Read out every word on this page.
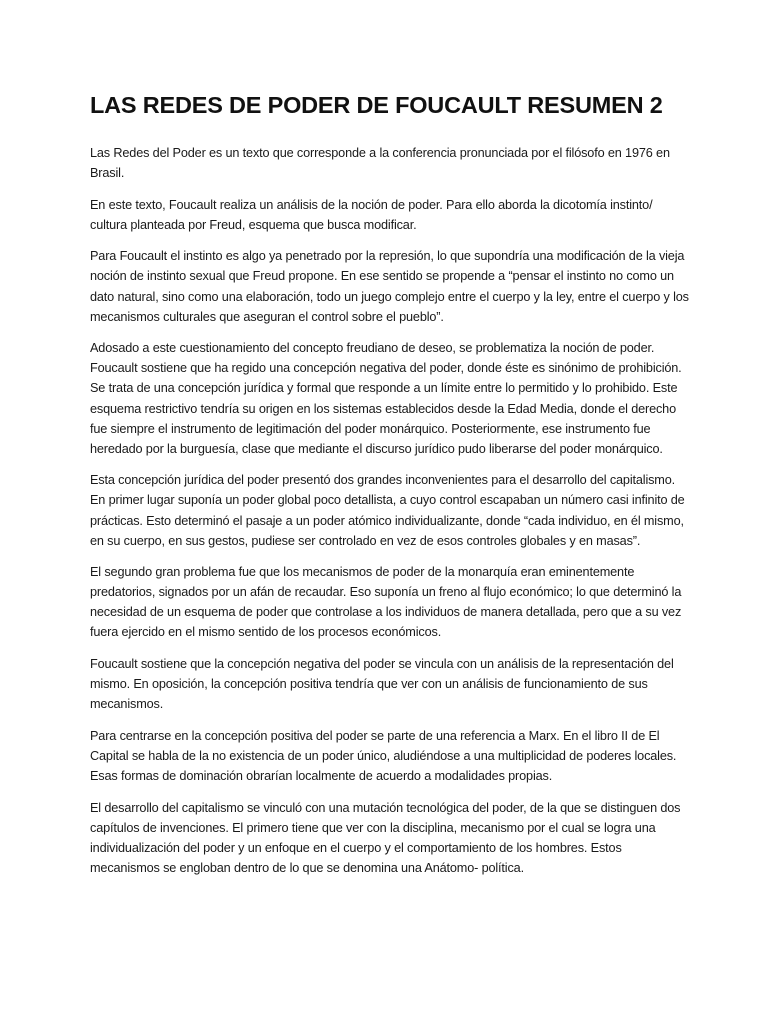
LAS REDES DE PODER DE FOUCAULT RESUMEN 2

Las Redes del Poder es un texto que corresponde a la conferencia pronunciada por el filósofo en 1976 en Brasil.

En este texto, Foucault realiza un análisis de la noción de poder. Para ello aborda la dicotomía instinto/ cultura planteada por Freud, esquema que busca modificar.

Para Foucault el instinto es algo ya penetrado por la represión, lo que supondría una modificación de la vieja noción de instinto sexual que Freud propone. En ese sentido se propende a “pensar el instinto no como un dato natural, sino como una elaboración, todo un juego complejo entre el cuerpo y la ley, entre el cuerpo y los mecanismos culturales que aseguran el control sobre el pueblo”.

Adosado a este cuestionamiento del concepto freudiano de deseo, se problematiza la noción de poder. Foucault sostiene que ha regido una concepción negativa del poder, donde éste es sinónimo de prohibición. Se trata de una concepción jurídica y formal que responde a un límite entre lo permitido y lo prohibido. Este esquema restrictivo tendría su origen en los sistemas establecidos desde la Edad Media, donde el derecho fue siempre el instrumento de legitimación del poder monárquico. Posteriormente, ese instrumento fue heredado por la burguesía, clase que mediante el discurso jurídico pudo liberarse del poder monárquico.

Esta concepción jurídica del poder presentó dos grandes inconvenientes para el desarrollo del capitalismo. En primer lugar suponía un poder global poco detallista, a cuyo control escapaban un número casi infinito de prácticas. Esto determinó el pasaje a un poder atómico individualizante, donde “cada individuo, en él mismo, en su cuerpo, en sus gestos, pudiese ser controlado en vez de esos controles globales y en masas”.

El segundo gran problema fue que los mecanismos de poder de la monarquía eran eminentemente predatorios, signados por un afán de recaudar. Eso suponía un freno al flujo económico; lo que determinó la necesidad de un esquema de poder que controlase a los individuos de manera detallada, pero que a su vez fuera ejercido en el mismo sentido de los procesos económicos.

Foucault sostiene que la concepción negativa del poder se vincula con un análisis de la representación del mismo. En oposición, la concepción positiva tendría que ver con un análisis de funcionamiento de sus mecanismos.

Para centrarse en la concepción positiva del poder se parte de una referencia a Marx. En el libro II de El Capital se habla de la no existencia de un poder único, aludiéndose a una multiplicidad de poderes locales. Esas formas de dominación obrarían localmente de acuerdo a modalidades propias.

El desarrollo del capitalismo se vinculó con una mutación tecnológica del poder, de la que se distinguen dos capítulos de invenciones. El primero tiene que ver con la disciplina, mecanismo por el cual se logra una individualización del poder y un enfoque en el cuerpo y el comportamiento de los hombres. Estos mecanismos se engloban dentro de lo que se denomina una Anátomo- política.
